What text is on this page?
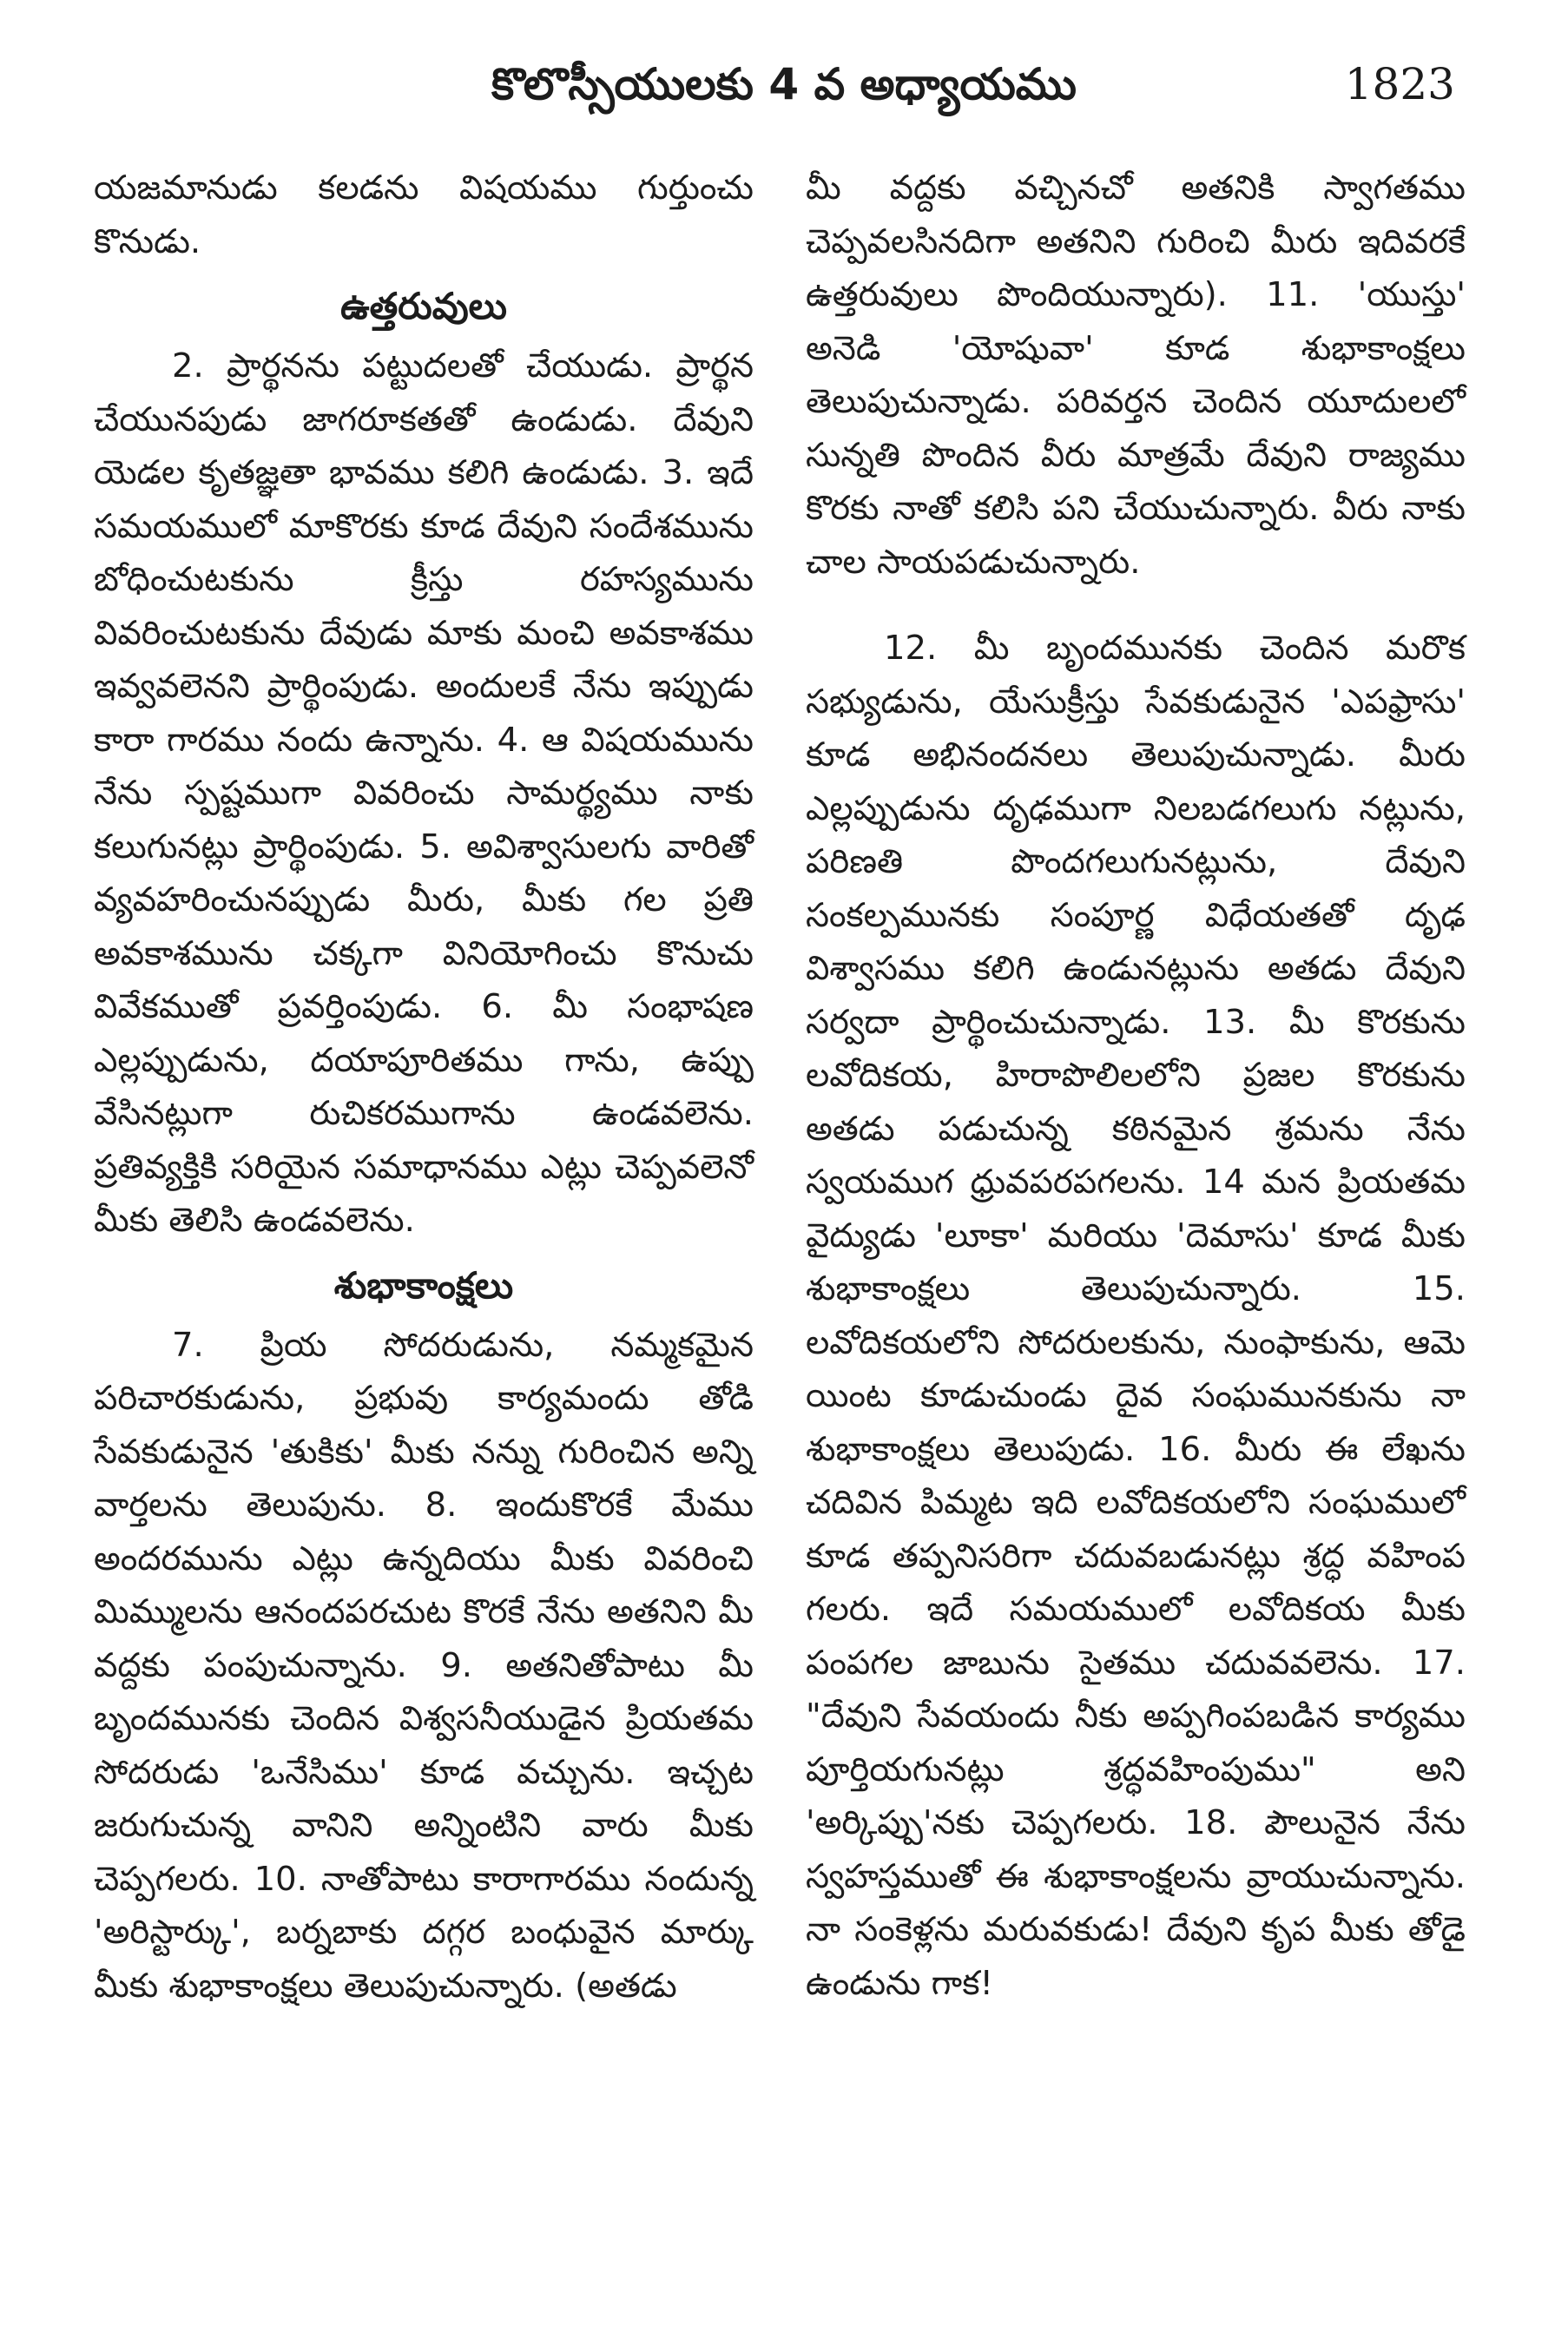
కొలొస్సీయులకు 4 వ అధ్యాయము	1823

యజమానుడు కలడను విషయము గుర్తుంచు కొనుడు.

ఉత్తరువులు

2. ప్రార్థనను పట్టుదలతో చేయుడు. ప్రార్థన చేయునపుడు జాగరూకతతో ఉండుడు. దేవుని యెడల కృతజ్ఞతా భావము కలిగి ఉండుడు. 3. ఇదే సమయములో మాకొరకు కూడ దేవుని సందేశమును బోధించుటకును క్రీస్తు రహస్యమును వివరించుటకును దేవుడు మాకు మంచి అవకాశము ఇవ్వవలెనని ప్రార్థింపుడు. అందులకే నేను ఇప్పుడు కారా గారము నందు ఉన్నాను. 4. ఆ విషయమును నేను స్పష్టముగా వివరించు సామర్థ్యము నాకు కలుగునట్లు ప్రార్థింపుడు. 5. అవిశ్వాసులగు వారితో వ్యవహరించునప్పుడు మీరు, మీకు గల ప్రతి అవకాశమును చక్కగా వినియోగించు కొనుచు వివేకముతో ప్రవర్తింపుడు. 6. మీ సంభాషణ ఎల్లప్పుడును, దయాపూరితము గాను, ఉప్పు వేసినట్లుగా రుచికరముగాను ఉండవలెను. ప్రతివ్యక్తికి సరియైన సమాధానము ఎట్లు చెప్పవలెనో మీకు తెలిసి ఉండవలెను.

శుభాకాంక్షలు

7. ప్రియ సోదరుడును, నమ్మకమైన పరిచారకుడును, ప్రభువు కార్యమందు తోడి సేవకుడునైన 'తుకికు' మీకు నన్ను గురించిన అన్ని వార్తలను తెలుపును. 8. ఇందుకొరకే మేము అందరమును ఎట్లు ఉన్నదియు మీకు వివరించి మిమ్ములను ఆనందపరచుట కొరకే నేను అతనిని మీ వద్దకు పంపుచున్నాను. 9. అతనితోపాటు మీ బృందమునకు చెందిన విశ్వసనీయుడైన ప్రియతమ సోదరుడు 'ఒనేసిము' కూడ వచ్చును. ఇచ్చట జరుగుచున్న వానిని అన్నింటిని వారు మీకు చెప్పగలరు. 10. నాతోపాటు కారాగారము నందున్న 'అరిస్టార్కు', బర్నబాకు దగ్గర బంధువైన మార్కు మీకు శుభాకాంక్షలు తెలుపుచున్నారు. (అతడు

మీ వద్దకు వచ్చినచో అతనికి స్వాగతము చెప్పవలసినదిగా అతనిని గురించి మీరు ఇదివరకే ఉత్తరువులు పొందియున్నారు). 11. 'యుస్తు' అనెడి 'యోషువా' కూడ శుభాకాంక్షలు తెలుపుచున్నాడు. పరివర్తన చెందిన యూదులలో సున్నతి పొందిన వీరు మాత్రమే దేవుని రాజ్యము కొరకు నాతో కలిసి పని చేయుచున్నారు. వీరు నాకు చాల సాయపడుచున్నారు.

12. మీ బృందమునకు చెందిన మరొక సభ్యుడును, యేసుక్రీస్తు సేవకుడునైన 'ఎపఫ్రాసు' కూడ అభినందనలు తెలుపుచున్నాడు. మీరు ఎల్లప్పుడును దృఢముగా నిలబడగలుగు నట్లును, పరిణతి పొందగలుగునట్లును, దేవుని సంకల్పమునకు సంపూర్ణ విధేయతతో దృఢ విశ్వాసము కలిగి ఉండునట్లును అతడు దేవుని సర్వదా ప్రార్థించుచున్నాడు. 13. మీ కొరకును లవోదికయ, హిరాపొలిలలోని ప్రజల కొరకును అతడు పడుచున్న కఠినమైన శ్రమను నేను స్వయముగ ధ్రువపరపగలను. 14 మన ప్రియతమ వైద్యుడు 'లూకా' మరియు 'దెమాసు' కూడ మీకు శుభాకాంక్షలు తెలుపుచున్నారు. 15. లవోదికయలోని సోదరులకును, నుంఫాకును, ఆమె యింట కూడుచుండు దైవ సంఘమునకును నా శుభాకాంక్షలు తెలుపుడు. 16. మీరు ఈ లేఖను చదివిన పిమ్మట ఇది లవోదికయలోని సంఘములో కూడ తప్పనిసరిగా చదువబడునట్లు శ్రద్ధ వహింప గలరు. ఇదే సమయములో లవోదికయ మీకు పంపగల జాబును సైతము చదువవలెను. 17. "దేవుని సేవయందు నీకు అప్పగింపబడిన కార్యము పూర్తియగునట్లు శ్రద్ధవహింపుము" అని 'అర్కిప్పు'నకు చెప్పగలరు. 18. పౌలునైన నేను స్వహస్తముతో ఈ శుభాకాంక్షలను వ్రాయుచున్నాను. నా సంకెళ్లను మరువకుడు! దేవుని కృప మీకు తోడై ఉండును గాక!
